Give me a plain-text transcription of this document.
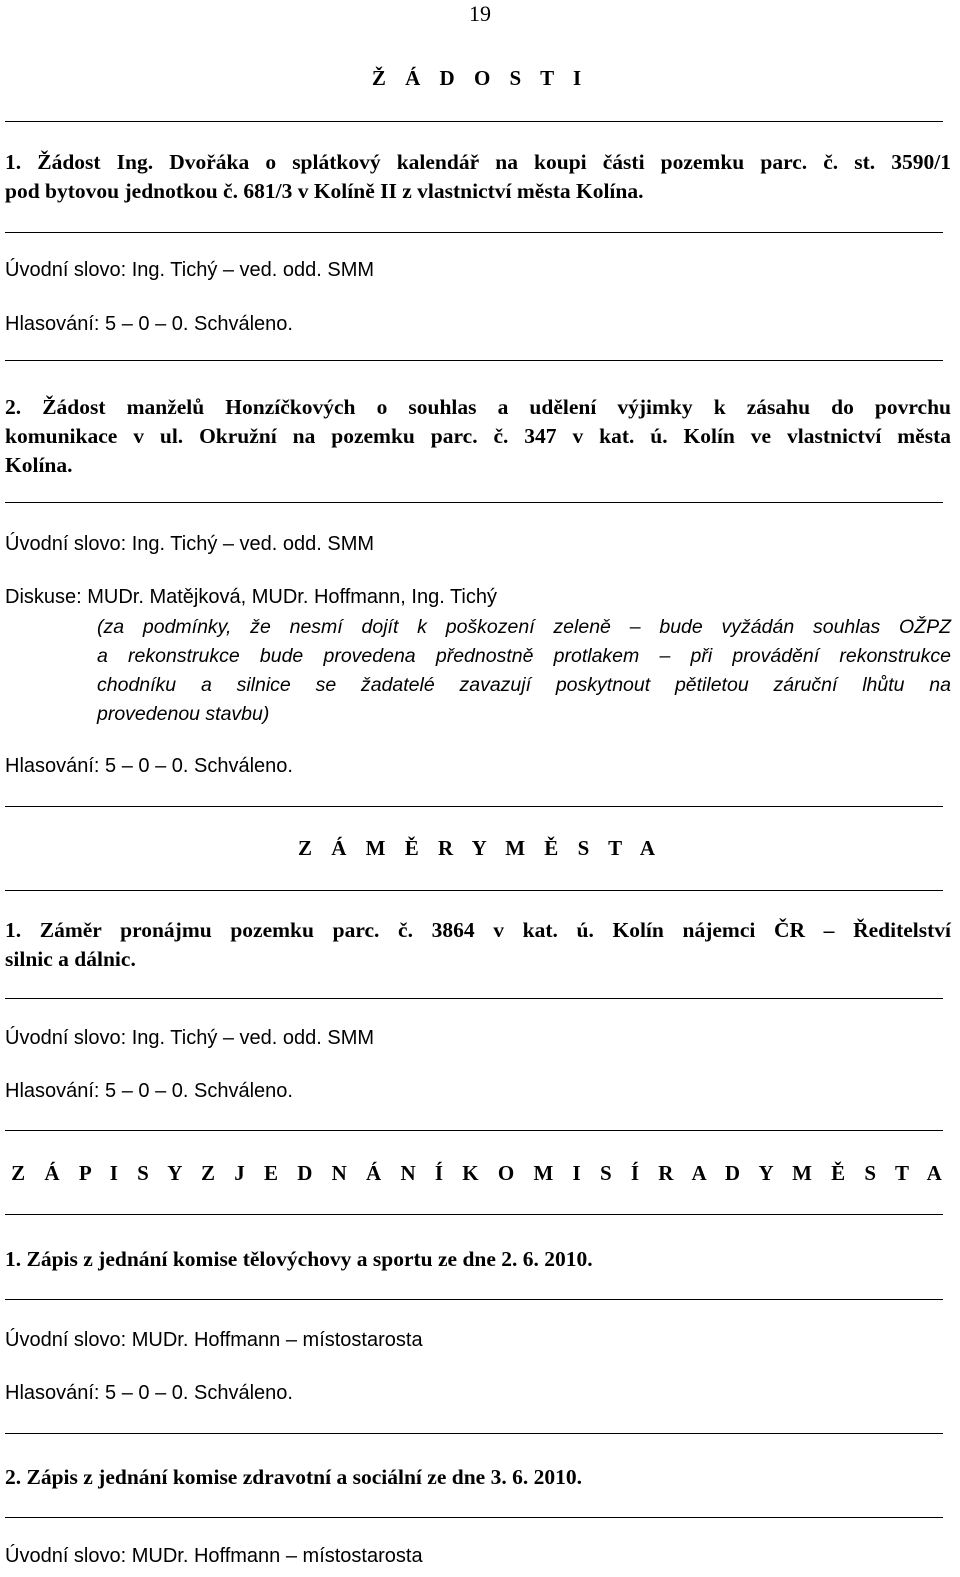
19
Ž Á D O S T I
1. Žádost Ing. Dvořáka o splátkový kalendář na koupi části pozemku parc. č. st. 3590/1
pod bytovou jednotkou č. 681/3 v Kolíně II z vlastnictví města Kolína.
Úvodní slovo: Ing. Tichý – ved. odd. SMM
Hlasování: 5 – 0 – 0. Schváleno.
2. Žádost manželů Honzíčkových o souhlas a udělení výjimky k zásahu do povrchu
komunikace v ul. Okružní na pozemku parc. č. 347 v kat. ú. Kolín ve vlastnictví města
Kolína.
Úvodní slovo: Ing. Tichý – ved. odd. SMM
Diskuse: MUDr. Matějková, MUDr. Hoffmann, Ing. Tichý
(za podmínky, že nesmí dojít k poškození zeleně – bude vyžádán souhlas OŽPZ
a rekonstrukce bude provedena přednostně protlakem – při provádění rekonstrukce
chodníku a silnice se žadatelé zavazují poskytnout pětiletou záruční lhůtu na
provedenou stavbu)
Hlasování: 5 – 0 – 0. Schváleno.
Z Á M Ě R Y M Ě S T A
1. Záměr pronájmu pozemku parc. č. 3864 v kat. ú. Kolín nájemci ČR – Ředitelství
silnic a dálnic.
Úvodní slovo: Ing. Tichý – ved. odd. SMM
Hlasování: 5 – 0 – 0. Schváleno.
Z Á P I S Y Z J E D N Á N Í K O M I S Í R A D Y M Ě S T A
1. Zápis z jednání komise tělovýchovy a sportu ze dne 2. 6. 2010.
Úvodní slovo: MUDr. Hoffmann – místostarosta
Hlasování: 5 – 0 – 0. Schváleno.
2. Zápis z jednání komise zdravotní a sociální ze dne 3. 6. 2010.
Úvodní slovo: MUDr. Hoffmann – místostarosta
